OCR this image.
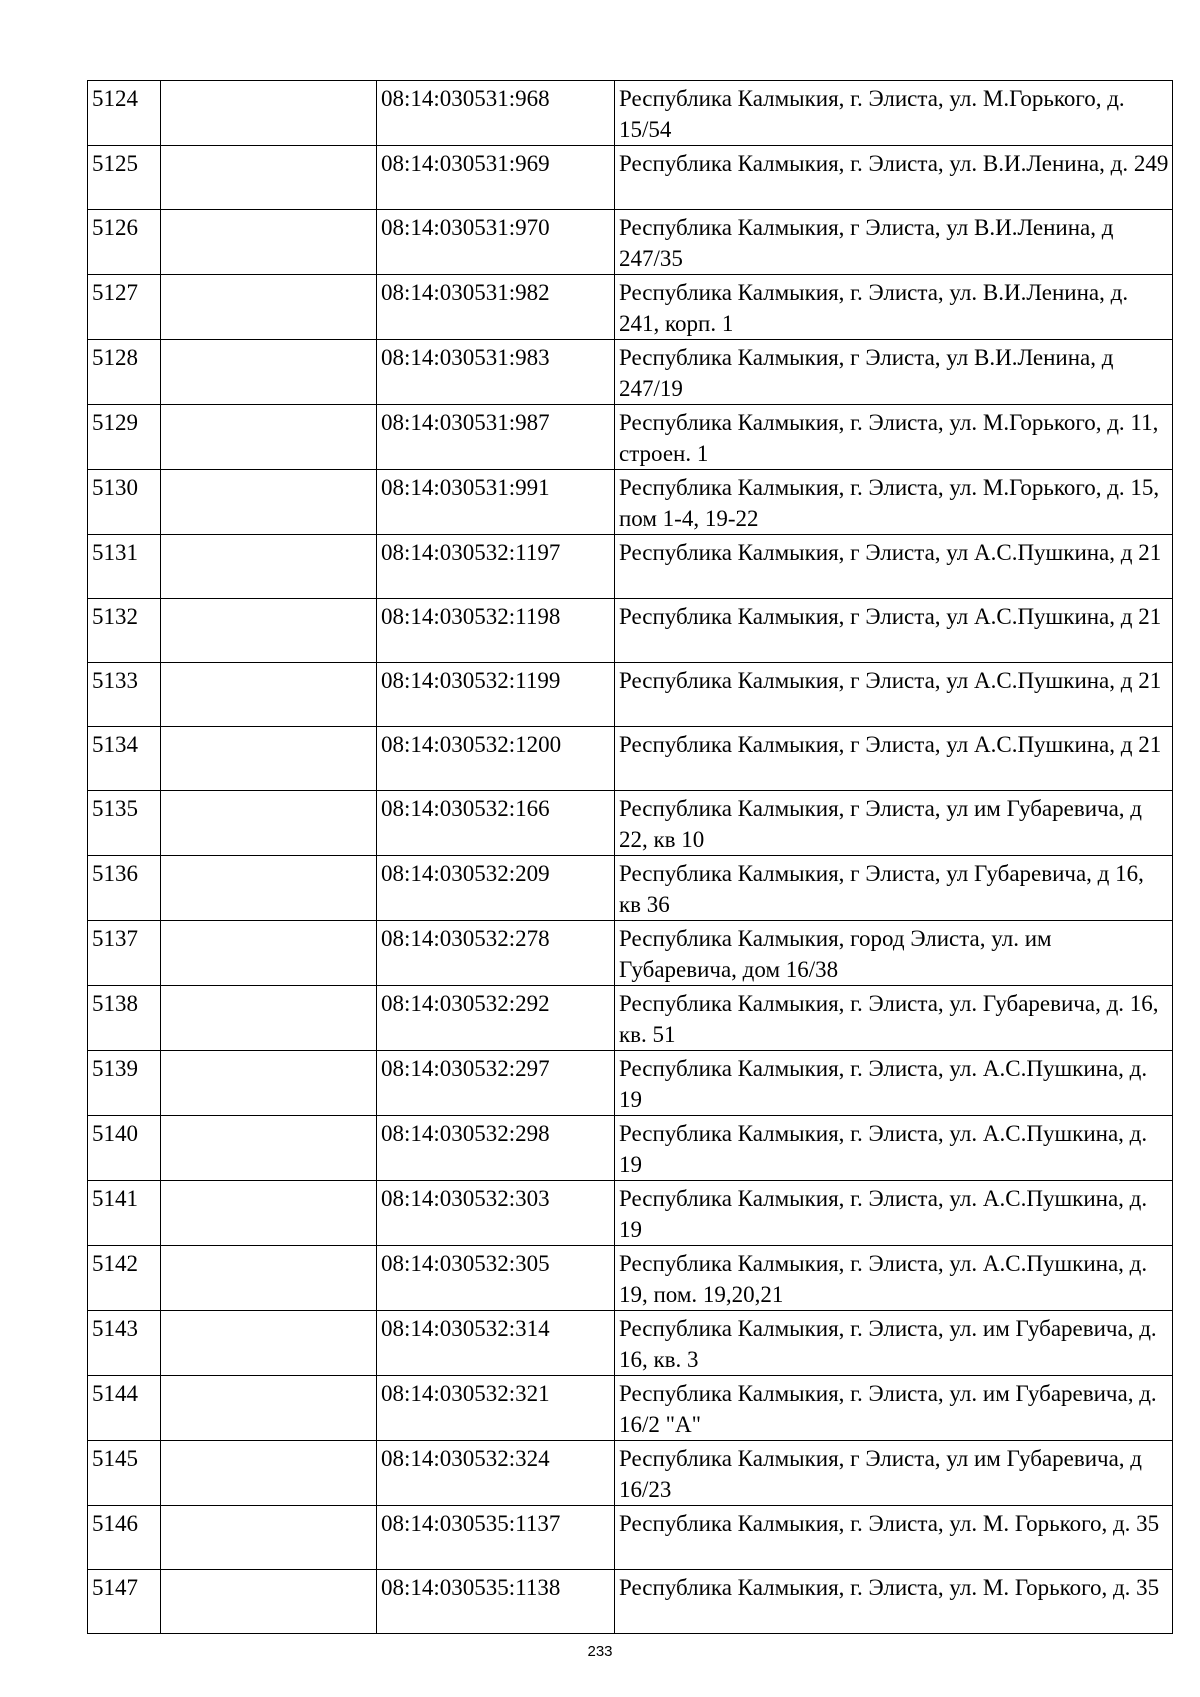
5124		08:14:030531:968	Республика Калмыкия, г. Элиста, ул. М.Горького, д. 15/54
5125		08:14:030531:969	Республика Калмыкия, г. Элиста, ул. В.И.Ленина, д. 249
5126		08:14:030531:970	Республика Калмыкия, г Элиста, ул В.И.Ленина, д 247/35
5127		08:14:030531:982	Республика Калмыкия, г. Элиста, ул. В.И.Ленина, д. 241, корп. 1
5128		08:14:030531:983	Республика Калмыкия, г Элиста, ул В.И.Ленина, д 247/19
5129		08:14:030531:987	Республика Калмыкия, г. Элиста, ул. М.Горького, д. 11, строен. 1
5130		08:14:030531:991	Республика Калмыкия, г. Элиста, ул. М.Горького, д. 15, пом 1-4, 19-22
5131		08:14:030532:1197	Республика Калмыкия, г Элиста, ул А.С.Пушкина, д 21
5132		08:14:030532:1198	Республика Калмыкия, г Элиста, ул А.С.Пушкина, д 21
5133		08:14:030532:1199	Республика Калмыкия, г Элиста, ул А.С.Пушкина, д 21
5134		08:14:030532:1200	Республика Калмыкия, г Элиста, ул А.С.Пушкина, д 21
5135		08:14:030532:166	Республика Калмыкия, г Элиста, ул им Губаревича, д 22, кв 10
5136		08:14:030532:209	Республика Калмыкия, г Элиста, ул Губаревича, д 16, кв 36
5137		08:14:030532:278	Республика Калмыкия, город Элиста, ул. им Губаревича, дом 16/38
5138		08:14:030532:292	Республика Калмыкия, г. Элиста, ул. Губаревича, д. 16, кв. 51
5139		08:14:030532:297	Республика Калмыкия, г. Элиста, ул. А.С.Пушкина, д. 19
5140		08:14:030532:298	Республика Калмыкия, г. Элиста, ул. А.С.Пушкина, д. 19
5141		08:14:030532:303	Республика Калмыкия, г. Элиста, ул. А.С.Пушкина, д. 19
5142		08:14:030532:305	Республика Калмыкия, г. Элиста, ул. А.С.Пушкина, д. 19, пом. 19,20,21
5143		08:14:030532:314	Республика Калмыкия, г. Элиста, ул. им Губаревича, д. 16, кв. 3
5144		08:14:030532:321	Республика Калмыкия, г. Элиста, ул. им Губаревича, д. 16/2 "А"
5145		08:14:030532:324	Республика Калмыкия, г Элиста, ул им Губаревича, д 16/23
5146		08:14:030535:1137	Республика Калмыкия, г. Элиста, ул. М. Горького, д. 35
5147		08:14:030535:1138	Республика Калмыкия, г. Элиста, ул. М. Горького, д. 35
233
